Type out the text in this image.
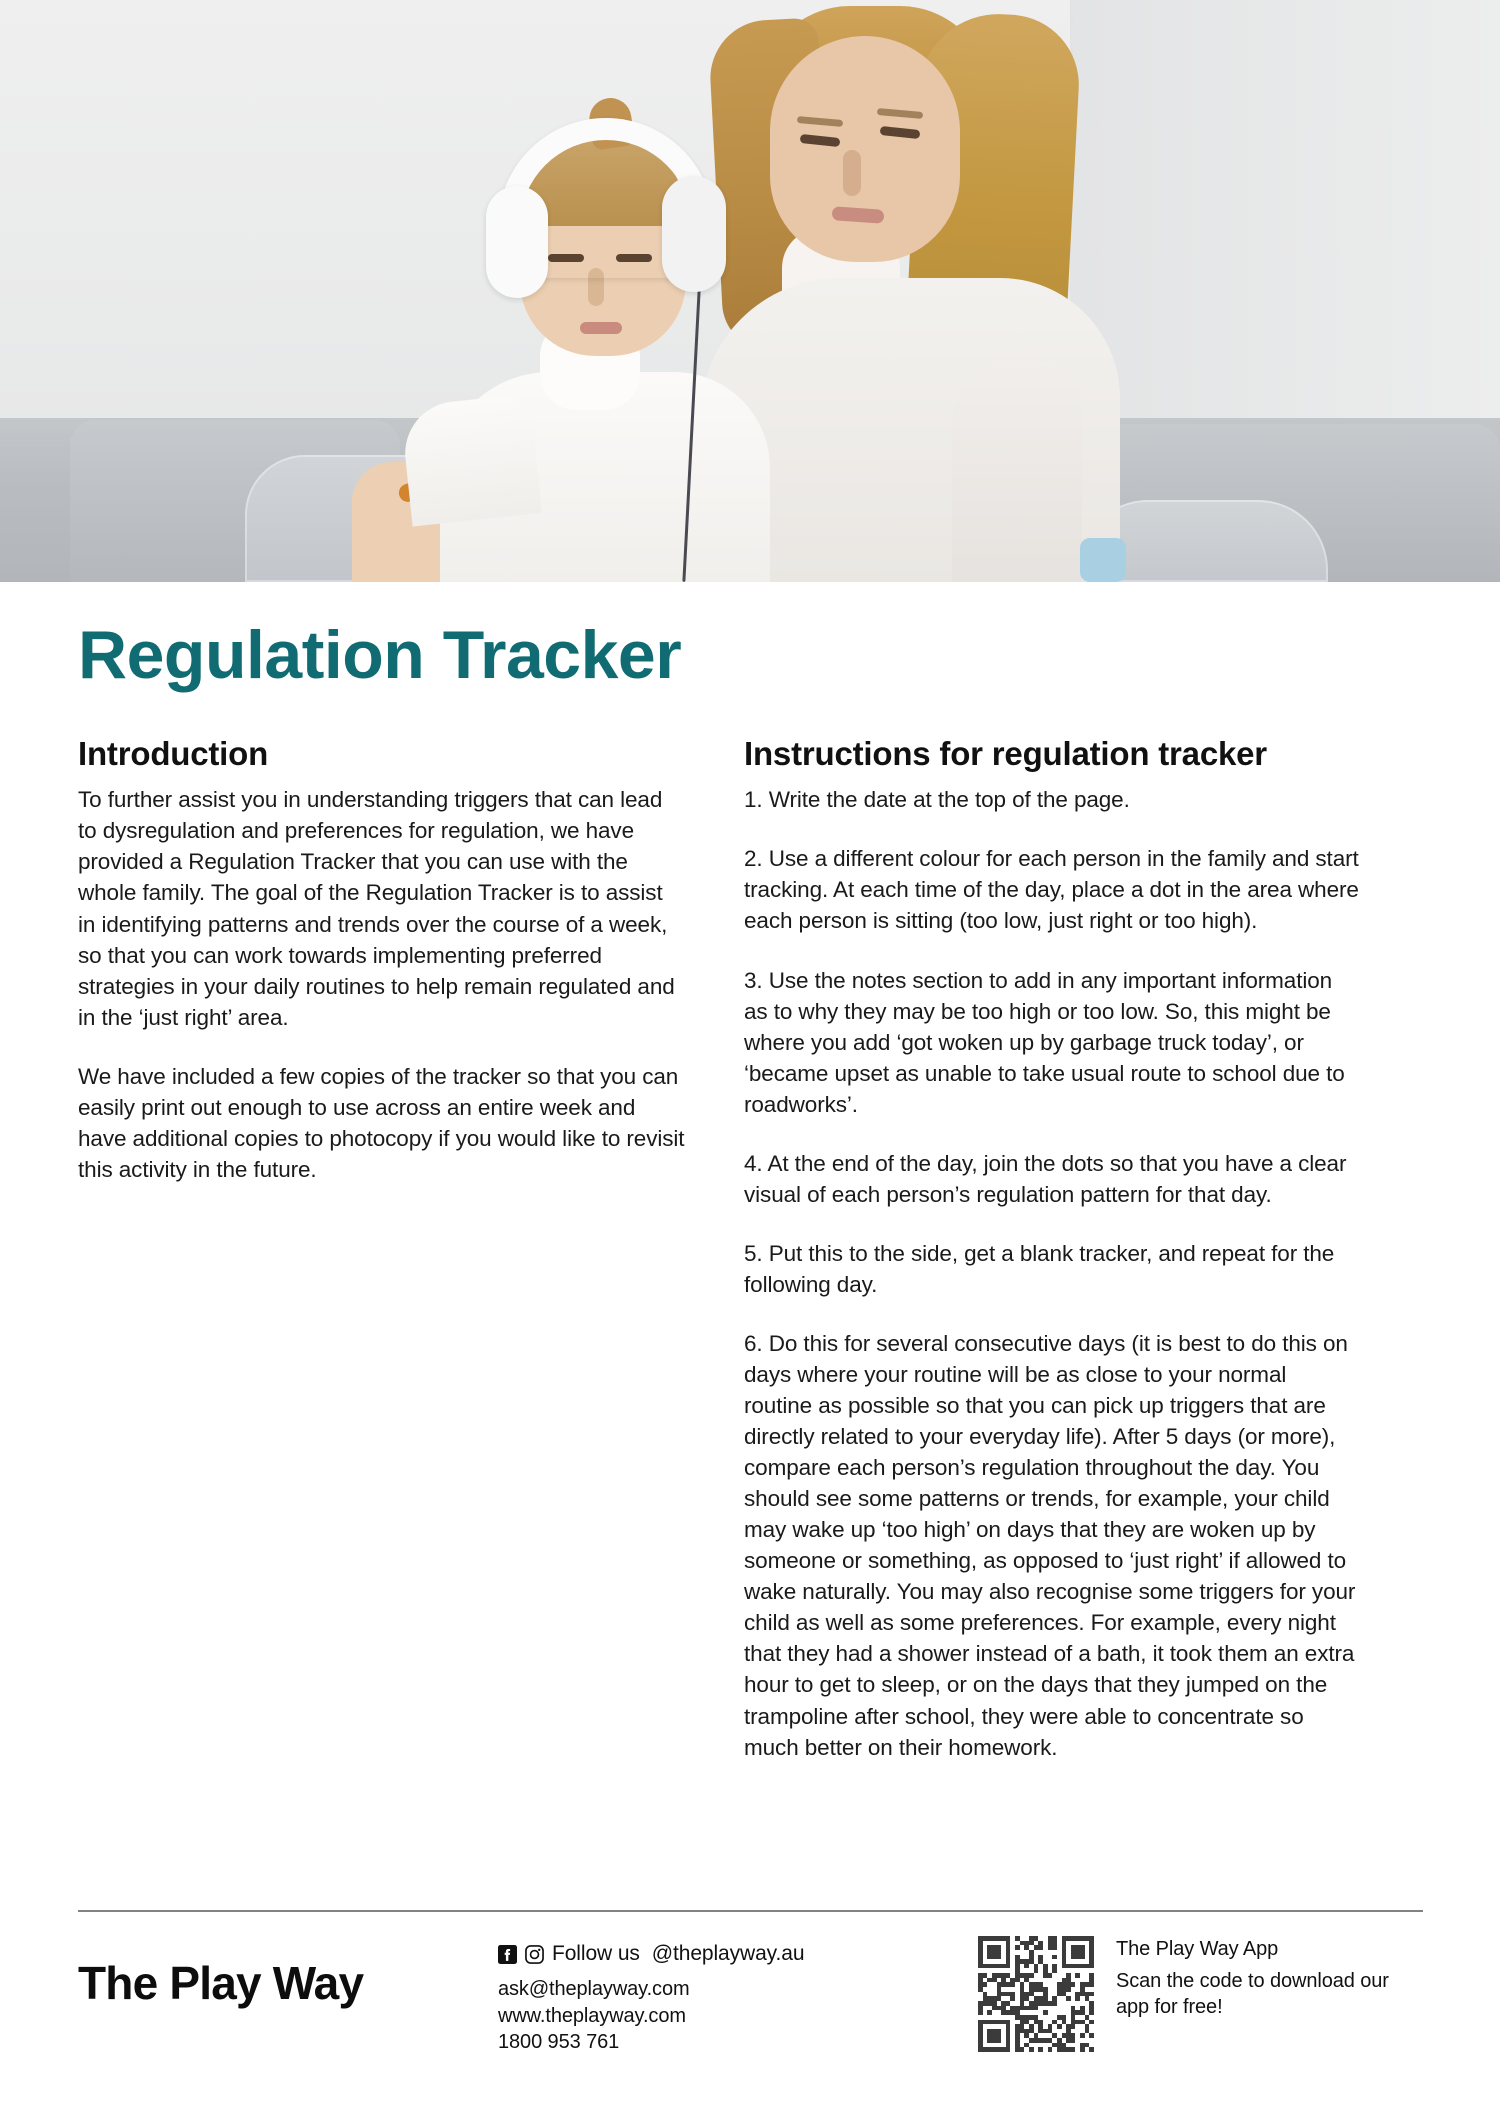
Regulation Tracker
Introduction

To further assist you in understanding triggers that can lead to dysregulation and preferences for regulation, we have provided a Regulation Tracker that you can use with the whole family. The goal of the Regulation Tracker is to assist in identifying patterns and trends over the course of a week, so that you can work towards implementing preferred strategies in your daily routines to help remain regulated and in the ‘just right’ area.

We have included a few copies of the tracker so that you can easily print out enough to use across an entire week and have additional copies to photocopy if you would like to revisit this activity in the future.

Instructions for regulation tracker

1. Write the date at the top of the page.

2. Use a different colour for each person in the family and start tracking. At each time of the day, place a dot in the area where each person is sitting (too low, just right or too high).

3. Use the notes section to add in any important information as to why they may be too high or too low. So, this might be where you add ‘got woken up by garbage truck today’, or ‘became upset as unable to take usual route to school due to roadworks’.

4. At the end of the day, join the dots so that you have a clear visual of each person’s regulation pattern for that day.

5. Put this to the side, get a blank tracker, and repeat for the following day.

6. Do this for several consecutive days (it is best to do this on days where your routine will be as close to your normal routine as possible so that you can pick up triggers that are directly related to your everyday life). After 5 days (or more), compare each person’s regulation throughout the day. You should see some patterns or trends, for example, your child may wake up ‘too high’ on days that they are woken up by someone or something, as opposed to ‘just right’ if allowed to wake naturally. You may also recognise some triggers for your child as well as some preferences. For example, every night that they had a shower instead of a bath, it took them an extra hour to get to sleep, or on the days that they jumped on the trampoline after school, they were able to concentrate so much better on their homework.

The Play Way
Follow us @theplayway.au
ask@theplayway.com
www.theplayway.com
1800 953 761
The Play Way App
Scan the code to download our app for free!
